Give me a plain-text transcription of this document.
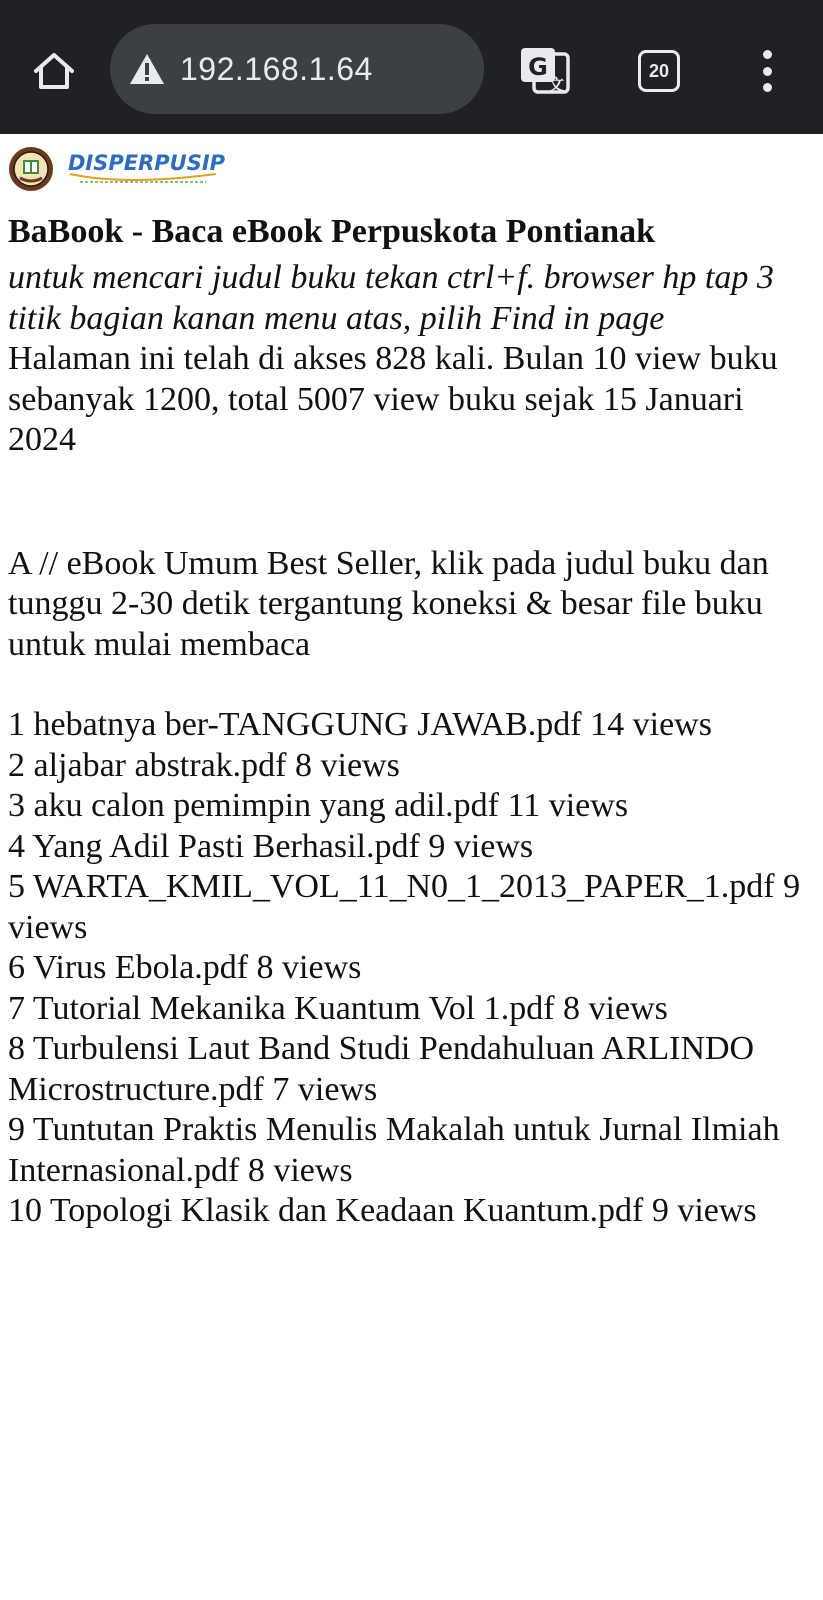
192.168.1.64	G
文
20
DISPERPUSIP
BaBook - Baca eBook Perpuskota Pontianak
untuk mencari judul buku tekan ctrl+f. browser hp tap 3 titik bagian kanan menu atas, pilih Find in page
Halaman ini telah di akses 828 kali. Bulan 10 view buku sebanyak 1200, total 5007 view buku sejak 15 Januari 2024
A // eBook Umum Best Seller, klik pada judul buku dan tunggu 2-30 detik tergantung koneksi & besar file buku untuk mulai membaca
1 hebatnya ber-TANGGUNG JAWAB.pdf 14 views
2 aljabar abstrak.pdf 8 views
3 aku calon pemimpin yang adil.pdf 11 views
4 Yang Adil Pasti Berhasil.pdf 9 views
5 WARTA_KMIL_VOL_11_N0_1_2013_PAPER_1.pdf 9 views
6 Virus Ebola.pdf 8 views
7 Tutorial Mekanika Kuantum Vol 1.pdf 8 views
8 Turbulensi Laut Band Studi Pendahuluan ARLINDO Microstructure.pdf 7 views
9 Tuntutan Praktis Menulis Makalah untuk Jurnal Ilmiah Internasional.pdf 8 views
10 Topologi Klasik dan Keadaan Kuantum.pdf 9 views
